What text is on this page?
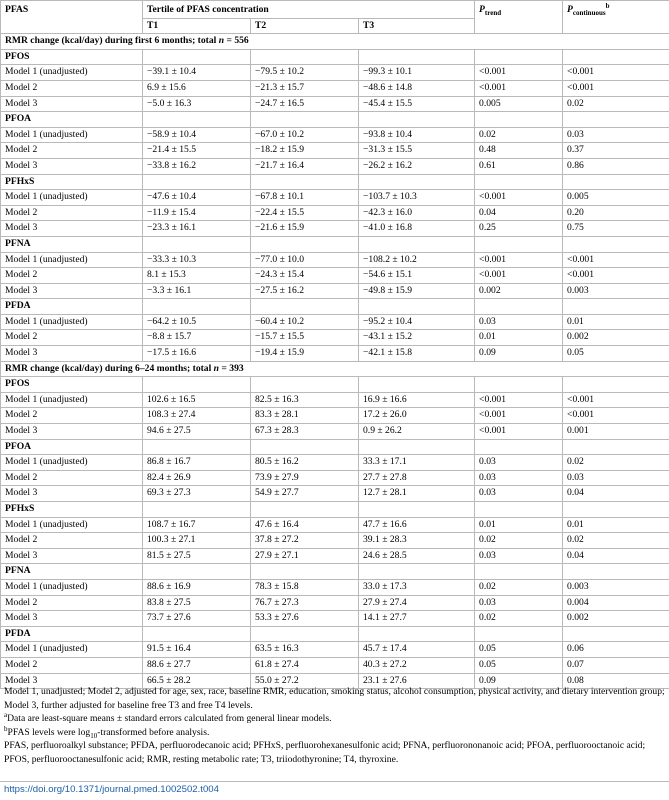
PFAS	Tertile of PFAS concentration			$P_{trend}$	$P_{continuous}^b$
	T1	T2	T3		
RMR change (kcal/day) during first 6 months; total n = 556					
PFOS					
Model 1 (unadjusted)	−39.1 ± 10.4	−79.5 ± 10.2	−99.3 ± 10.1	<0.001	<0.001
Model 2	6.9 ± 15.6	−21.3 ± 15.7	−48.6 ± 14.8	<0.001	<0.001
Model 3	−5.0 ± 16.3	−24.7 ± 16.5	−45.4 ± 15.5	0.005	0.02
PFOA					
Model 1 (unadjusted)	−58.9 ± 10.4	−67.0 ± 10.2	−93.8 ± 10.4	0.02	0.03
Model 2	−21.4 ± 15.5	−18.2 ± 15.9	−31.3 ± 15.5	0.48	0.37
Model 3	−33.8 ± 16.2	−21.7 ± 16.4	−26.2 ± 16.2	0.61	0.86
PFHxS					
Model 1 (unadjusted)	−47.6 ± 10.4	−67.8 ± 10.1	−103.7 ± 10.3	<0.001	0.005
Model 2	−11.9 ± 15.4	−22.4 ± 15.5	−42.3 ± 16.0	0.04	0.20
Model 3	−23.3 ± 16.1	−21.6 ± 15.9	−41.0 ± 16.8	0.25	0.75
PFNA					
Model 1 (unadjusted)	−33.3 ± 10.3	−77.0 ± 10.0	−108.2 ± 10.2	<0.001	<0.001
Model 2	8.1 ± 15.3	−24.3 ± 15.4	−54.6 ± 15.1	<0.001	<0.001
Model 3	−3.3 ± 16.1	−27.5 ± 16.2	−49.8 ± 15.9	0.002	0.003
PFDA					
Model 1 (unadjusted)	−64.2 ± 10.5	−60.4 ± 10.2	−95.2 ± 10.4	0.03	0.01
Model 2	−8.8 ± 15.7	−15.7 ± 15.5	−43.1 ± 15.2	0.01	0.002
Model 3	−17.5 ± 16.6	−19.4 ± 15.9	−42.1 ± 15.8	0.09	0.05
RMR change (kcal/day) during 6–24 months; total n = 393					
PFOS					
Model 1 (unadjusted)	102.6 ± 16.5	82.5 ± 16.3	16.9 ± 16.6	<0.001	<0.001
Model 2	108.3 ± 27.4	83.3 ± 28.1	17.2 ± 26.0	<0.001	<0.001
Model 3	94.6 ± 27.5	67.3 ± 28.3	0.9 ± 26.2	<0.001	0.001
PFOA					
Model 1 (unadjusted)	86.8 ± 16.7	80.5 ± 16.2	33.3 ± 17.1	0.03	0.02
Model 2	82.4 ± 26.9	73.9 ± 27.9	27.7 ± 27.8	0.03	0.03
Model 3	69.3 ± 27.3	54.9 ± 27.7	12.7 ± 28.1	0.03	0.04
PFHxS					
Model 1 (unadjusted)	108.7 ± 16.7	47.6 ± 16.4	47.7 ± 16.6	0.01	0.01
Model 2	100.3 ± 27.1	37.8 ± 27.2	39.1 ± 28.3	0.02	0.02
Model 3	81.5 ± 27.5	27.9 ± 27.1	24.6 ± 28.5	0.03	0.04
PFNA					
Model 1 (unadjusted)	88.6 ± 16.9	78.3 ± 15.8	33.0 ± 17.3	0.02	0.003
Model 2	83.8 ± 27.5	76.7 ± 27.3	27.9 ± 27.4	0.03	0.004
Model 3	73.7 ± 27.6	53.3 ± 27.6	14.1 ± 27.7	0.02	0.002
PFDA					
Model 1 (unadjusted)	91.5 ± 16.4	63.5 ± 16.3	45.7 ± 17.4	0.05	0.06
Model 2	88.6 ± 27.7	61.8 ± 27.4	40.3 ± 27.2	0.05	0.07
Model 3	66.5 ± 28.2	55.0 ± 27.2	23.1 ± 27.6	0.09	0.08

Model 1, unadjusted; Model 2, adjusted for age, sex, race, baseline RMR, education, smoking status, alcohol consumption, physical activity, and dietary intervention group; Model 3, further adjusted for baseline free T3 and free T4 levels.

$^a$Data are least-square means ± standard errors calculated from general linear models.

$^b$PFAS levels were $\log_{10}$-transformed before analysis.

PFAS, perfluoroalkyl substance; PFDA, perfluorodecanoic acid; PFHxS, perfluorohexanesulfonic acid; PFNA, perfluorononanoic acid; PFOA, perfluorooctanoic acid; PFOS, perfluorooctanesulfonic acid; RMR, resting metabolic rate; T3, triiodothyronine; T4, thyroxine.

https://doi.org/10.1371/journal.pmed.1002502.t004
